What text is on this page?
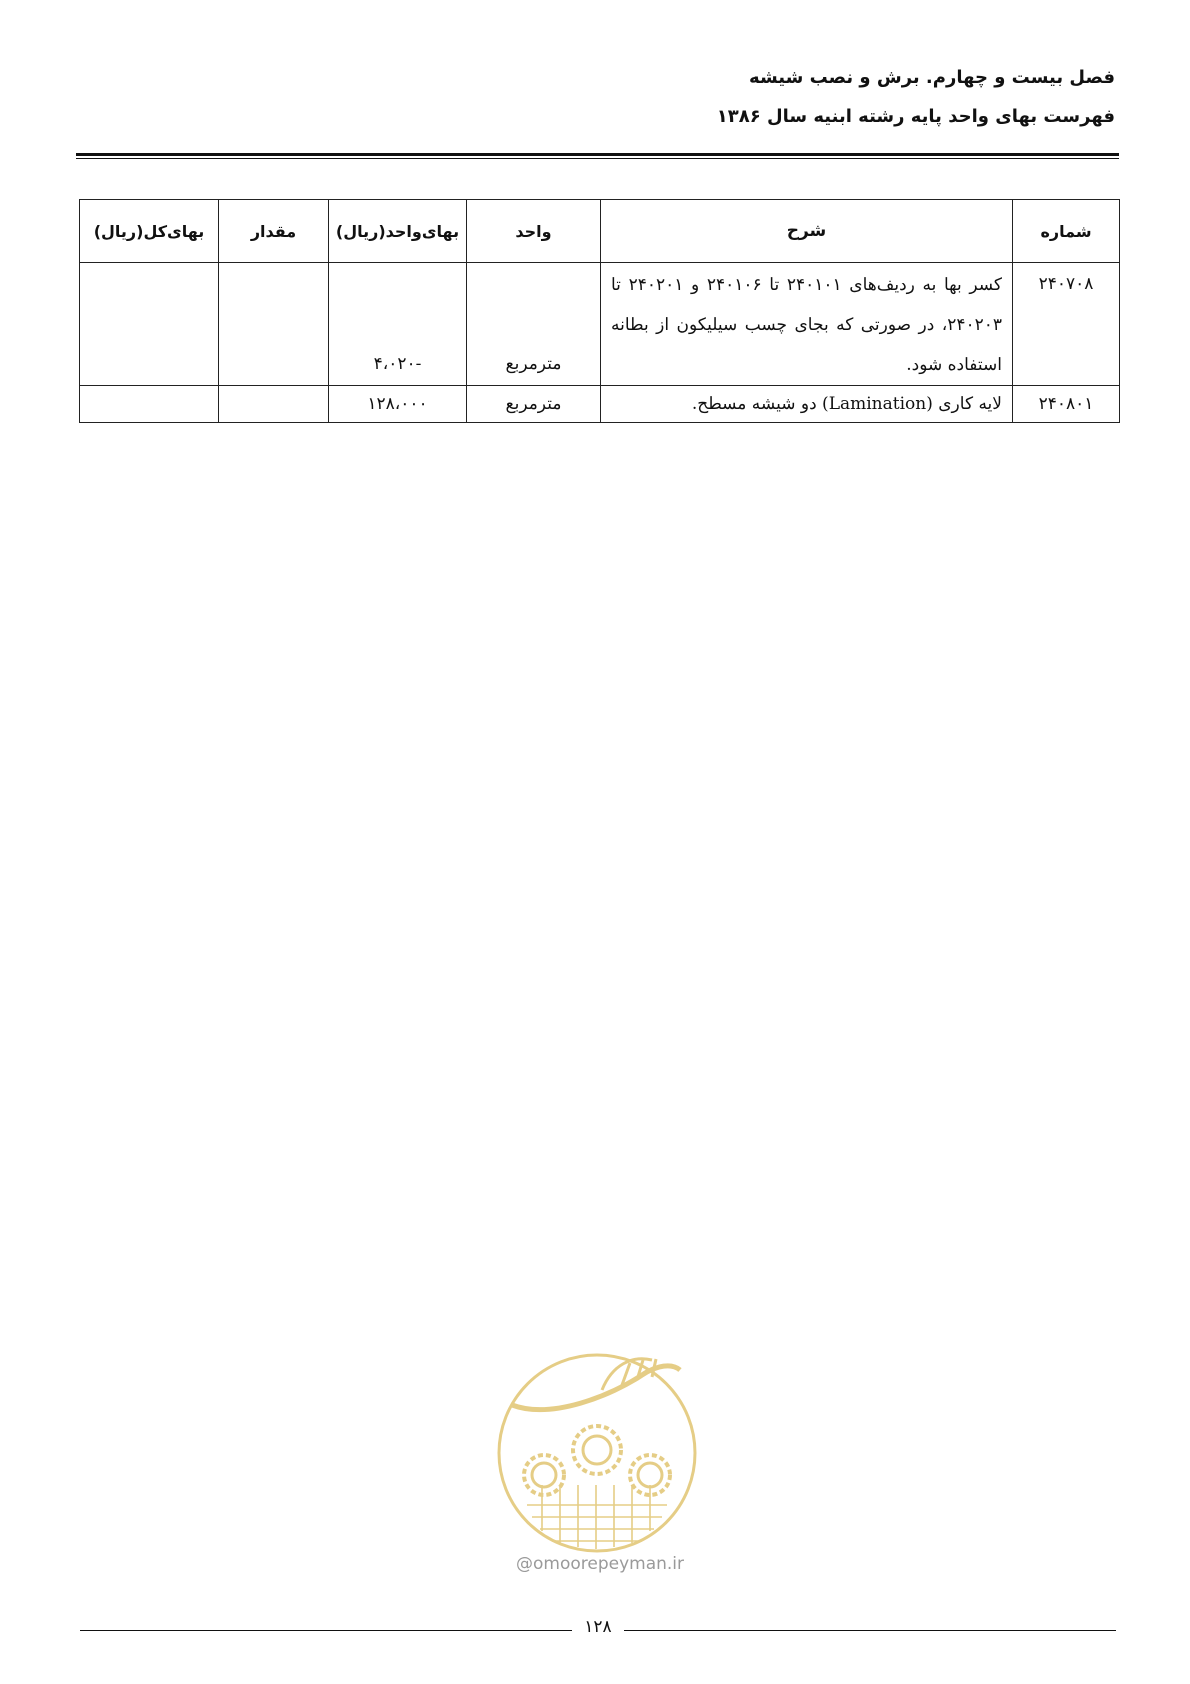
فصل بیست و چهارم. برش و نصب شیشه
فهرست بهای واحد پایه رشته ابنیه سال ۱۳۸۶
شماره	شرح	واحد	بهای‌واحد(ریال)	مقدار	بهای‌کل(ریال)
۲۴۰۷۰۸	کسر بها به ردیف‌های ۲۴۰۱۰۱ تا ۲۴۰۱۰۶ و ۲۴۰۲۰۱ تا ۲۴۰۲۰۳، در صورتی که بجای چسب سیلیکون از بطانه استفاده شود.	مترمربع	-۴،۰۲۰		
۲۴۰۸۰۱	لایه کاری (Lamination) دو شیشه مسطح.	مترمربع	۱۲۸،۰۰۰		
@omoorepeyman.ir
۱۲۸
